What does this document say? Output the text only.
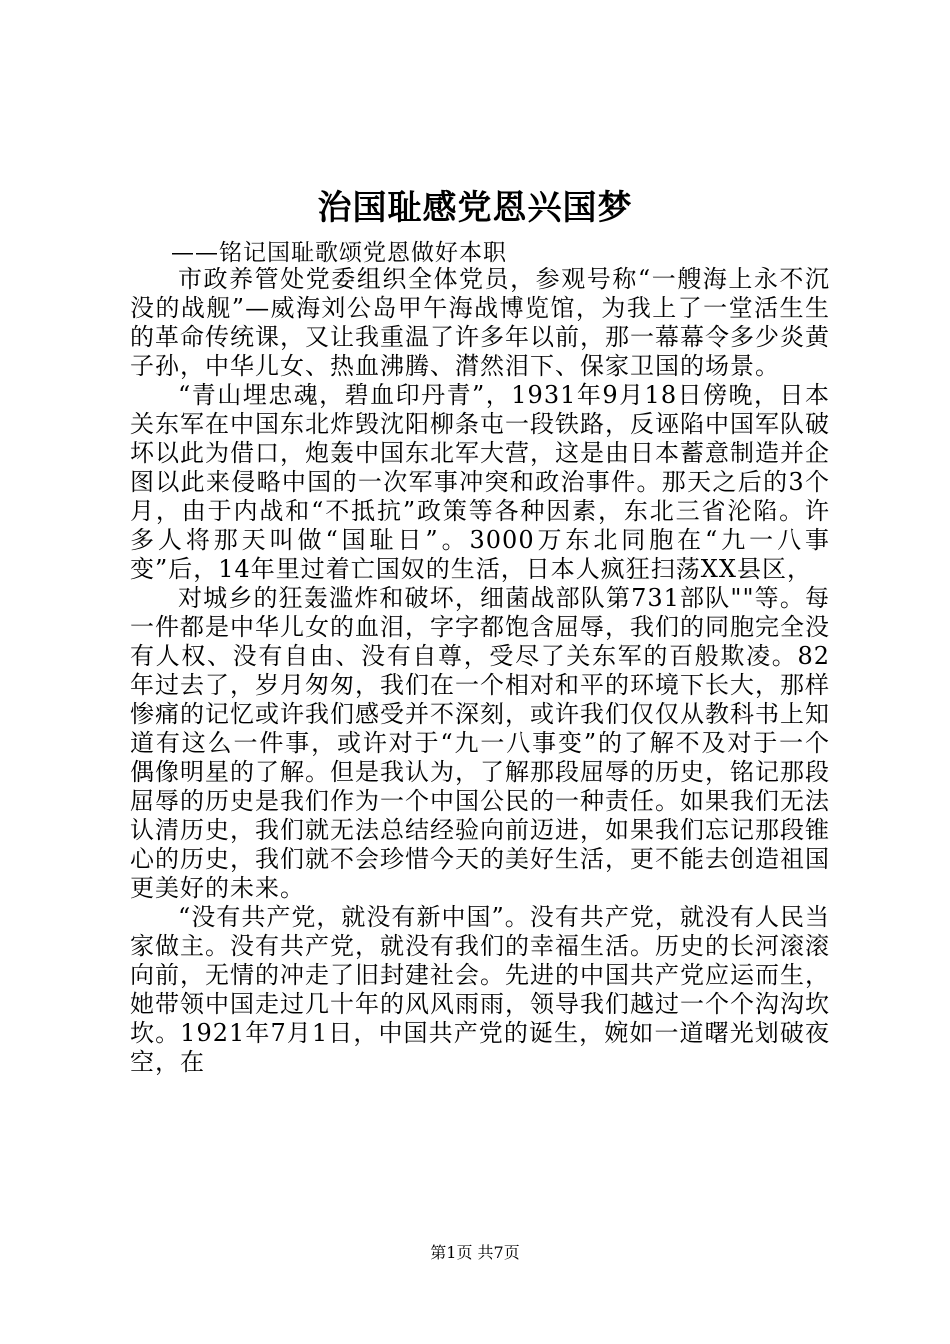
治国耻感党恩兴国梦
——铭记国耻歌颂党恩做好本职

市政养管处党委组织全体党员，参观号称“一艘海上永不沉没的战舰”—威海刘公岛甲午海战博览馆，为我上了一堂活生生的革命传统课，又让我重温了许多年以前，那一幕幕令多少炎黄子孙，中华儿女、热血沸腾、潸然泪下、保家卫国的场景。

“青山埋忠魂，碧血印丹青”，1931年9月18日傍晚，日本关东军在中国东北炸毁沈阳柳条屯一段铁路，反诬陷中国军队破坏以此为借口，炮轰中国东北军大营，这是由日本蓄意制造并企图以此来侵略中国的一次军事冲突和政治事件。那天之后的3个月，由于内战和“不抵抗”政策等各种因素，东北三省沦陷。许多人将那天叫做“国耻日”。3000万东北同胞在“九一八事变”后，14年里过着亡国奴的生活，日本人疯狂扫荡XX县区，

对城乡的狂轰滥炸和破坏，细菌战部队第731部队""等。每一件都是中华儿女的血泪，字字都饱含屈辱，我们的同胞完全没有人权、没有自由、没有自尊，受尽了关东军的百般欺凌。82年过去了，岁月匆匆，我们在一个相对和平的环境下长大，那样惨痛的记忆或许我们感受并不深刻，或许我们仅仅从教科书上知道有这么一件事，或许对于“九一八事变”的了解不及对于一个偶像明星的了解。但是我认为，了解那段屈辱的历史，铭记那段屈辱的历史是我们作为一个中国公民的一种责任。如果我们无法认清历史，我们就无法总结经验向前迈进，如果我们忘记那段锥心的历史，我们就不会珍惜今天的美好生活，更不能去创造祖国更美好的未来。

“没有共产党，就没有新中国”。没有共产党，就没有人民当家做主。没有共产党，就没有我们的幸福生活。历史的长河滚滚向前，无情的冲走了旧封建社会。先进的中国共产党应运而生，她带领中国走过几十年的风风雨雨，领导我们越过一个个沟沟坎坎。1921年7月1日，中国共产党的诞生，婉如一道曙光划破夜空，在

第1页 共7页
